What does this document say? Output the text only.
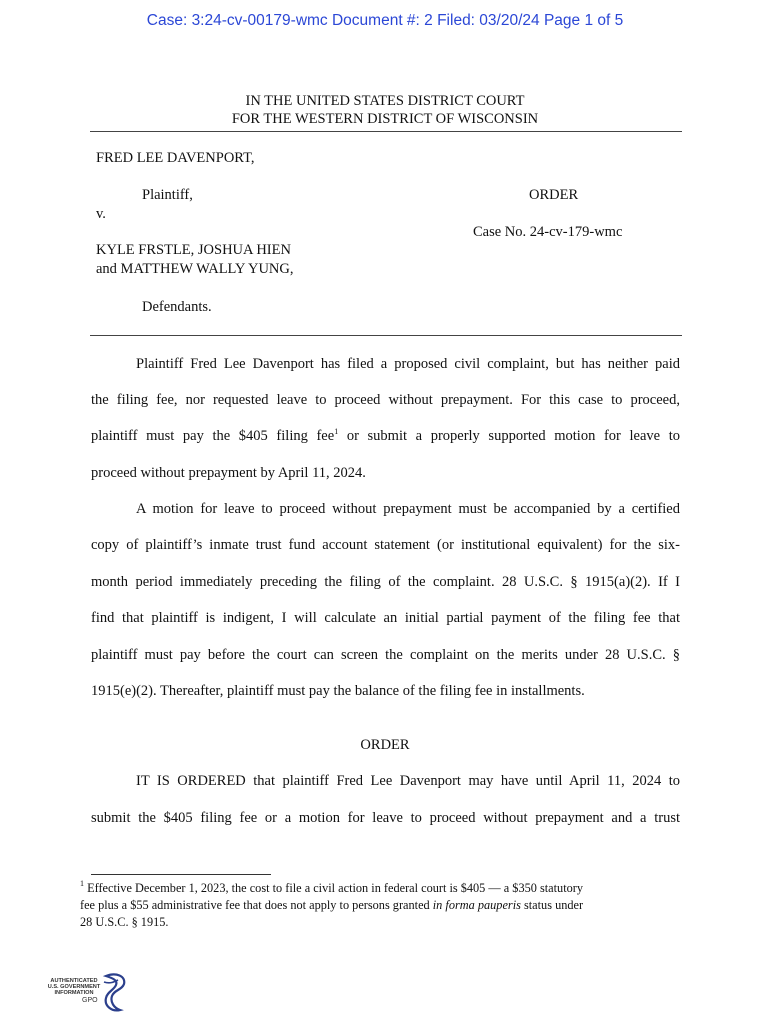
Case: 3:24-cv-00179-wmc Document #: 2 Filed: 03/20/24 Page 1 of 5
IN THE UNITED STATES DISTRICT COURT
FOR THE WESTERN DISTRICT OF WISCONSIN
FRED LEE DAVENPORT,
Plaintiff,
v.
KYLE FRSTLE, JOSHUA HIEN
and MATTHEW WALLY YUNG,
Defendants.
ORDER
Case No. 24-cv-179-wmc
Plaintiff Fred Lee Davenport has filed a proposed civil complaint, but has neither paid
the filing fee, nor requested leave to proceed without prepayment. For this case to proceed,
plaintiff must pay the $405 filing fee$^1$ or submit a properly supported motion for leave to
proceed without prepayment by April 11, 2024.
A motion for leave to proceed without prepayment must be accompanied by a certified
copy of plaintiff’s inmate trust fund account statement (or institutional equivalent) for the six-
month period immediately preceding the filing of the complaint. 28 U.S.C. § 1915(a)(2). If I
find that plaintiff is indigent, I will calculate an initial partial payment of the filing fee that
plaintiff must pay before the court can screen the complaint on the merits under 28 U.S.C. §
1915(e)(2). Thereafter, plaintiff must pay the balance of the filing fee in installments.
ORDER
IT IS ORDERED that plaintiff Fred Lee Davenport may have until April 11, 2024 to
submit the $405 filing fee or a motion for leave to proceed without prepayment and a trust
$^1$ Effective December 1, 2023, the cost to file a civil action in federal court is $405 — a $350 statutory
fee plus a $55 administrative fee that does not apply to persons granted in forma pauperis status under
28 U.S.C. § 1915.
AUTHENTICATED
U.S. GOVERNMENT
INFORMATION
GPO
